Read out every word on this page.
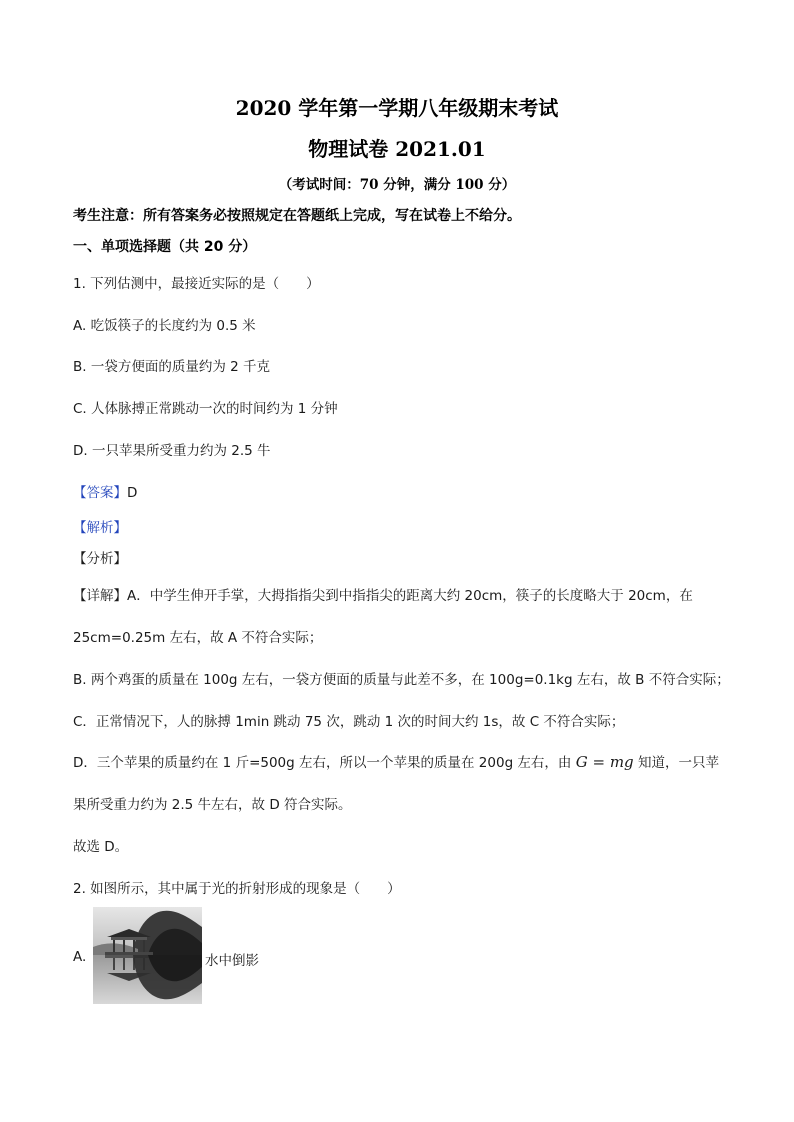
2020 学年第一学期八年级期末考试
物理试卷 2021.01
（考试时间：70 分钟，满分 100 分）
考生注意：所有答案务必按照规定在答题纸上完成，写在试卷上不给分。
一、单项选择题（共 20 分）
1. 下列估测中，最接近实际的是（　　）
A. 吃饭筷子的长度约为 0.5 米
B. 一袋方便面的质量约为 2 千克
C. 人体脉搏正常跳动一次的时间约为 1 分钟
D. 一只苹果所受重力约为 2.5 牛
【答案】D
【解析】
【分析】
【详解】A．中学生伸开手掌，大拇指指尖到中指指尖的距离大约 20cm，筷子的长度略大于 20cm，在
25cm=0.25m 左右，故 A 不符合实际；
B. 两个鸡蛋的质量在 100g 左右，一袋方便面的质量与此差不多，在 100g=0.1kg 左右，故 B 不符合实际；
C．正常情况下，人的脉搏 1min 跳动 75 次，跳动 1 次的时间大约 1s，故 C 不符合实际；
D．三个苹果的质量约在 1 斤=500g 左右，所以一个苹果的质量在 200g 左右，由 G = mg 知道，一只苹
果所受重力约为 2.5 牛左右，故 D 符合实际。
故选 D。
2. 如图所示，其中属于光的折射形成的现象是（　　）
A.	水中倒影
